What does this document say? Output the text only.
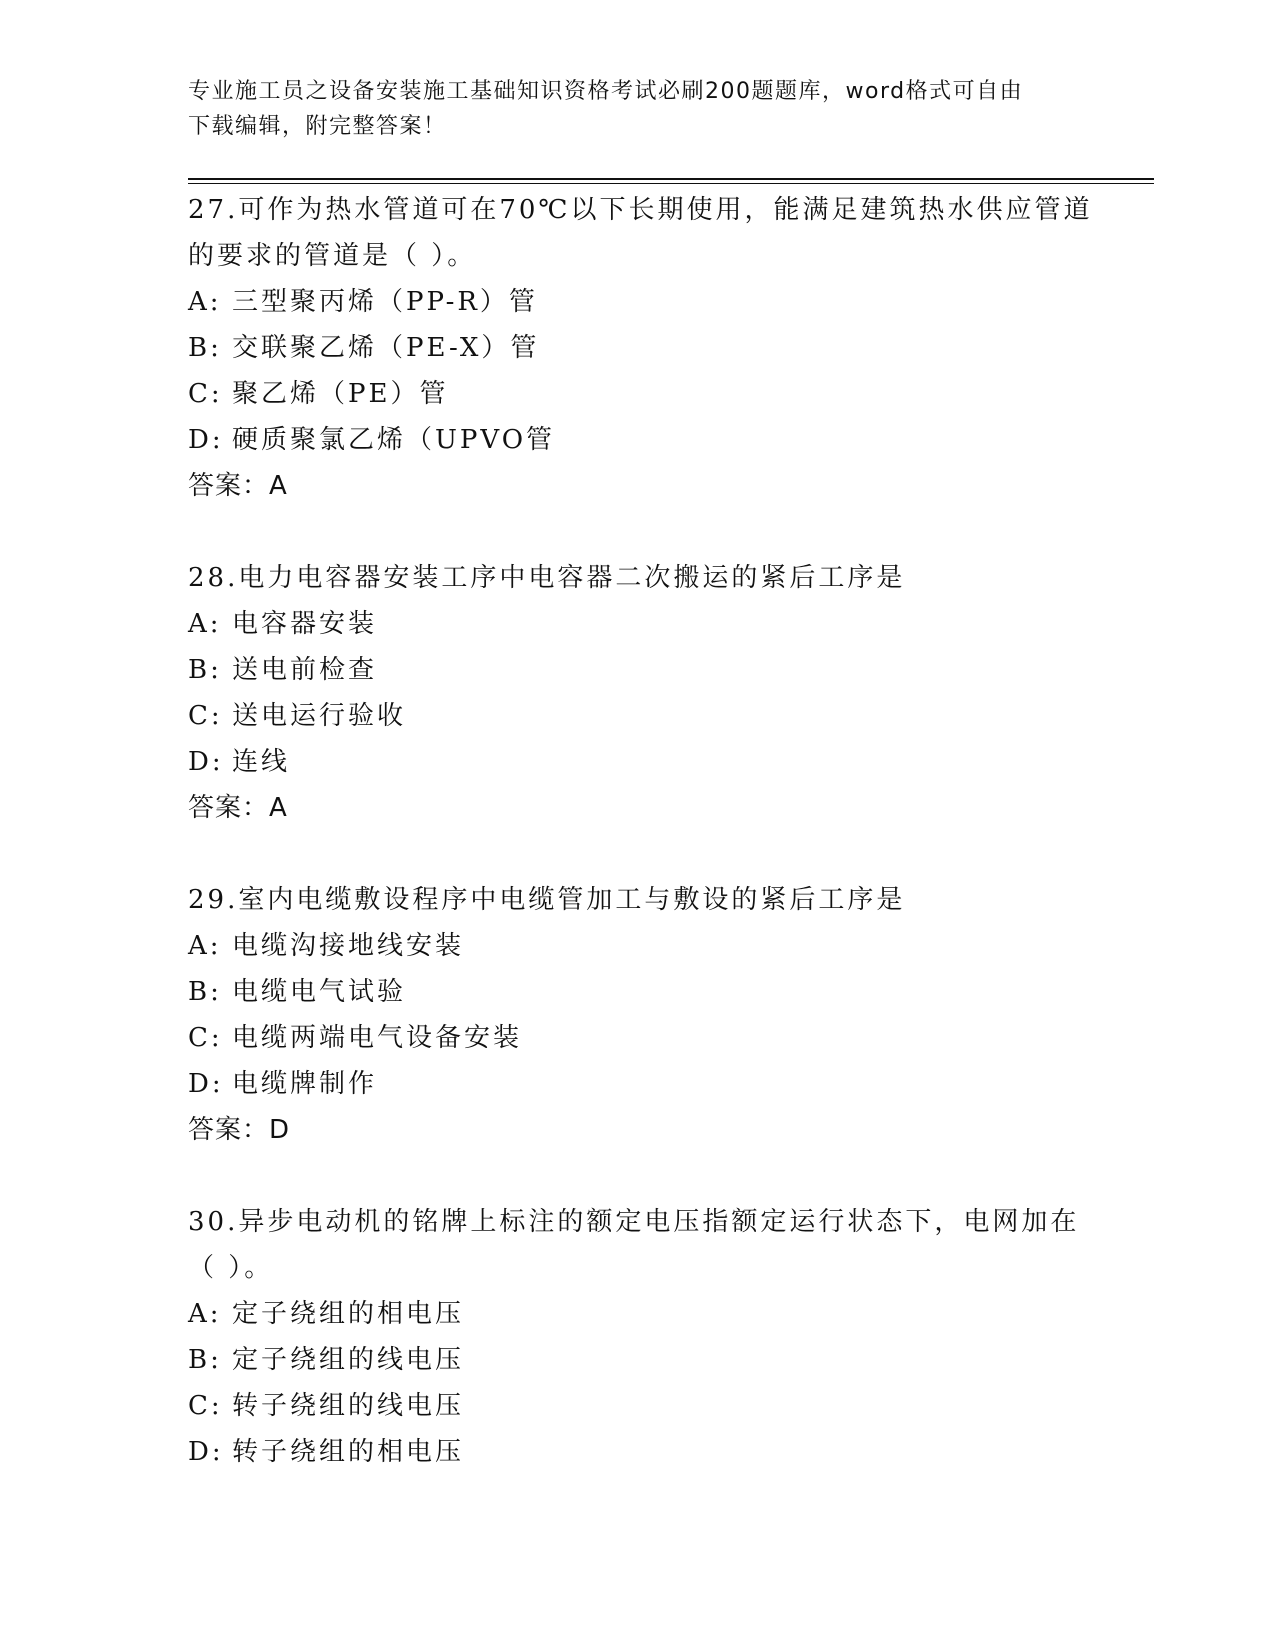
专业施工员之设备安装施工基础知识资格考试必刷200题题库，word格式可自由
下载编辑，附完整答案！
27.可作为热水管道可在70℃以下长期使用，能满足建筑热水供应管道
的要求的管道是（ ）。
A: 三型聚丙烯（PP-R）管
B: 交联聚乙烯（PE-X）管
C: 聚乙烯（PE）管
D: 硬质聚氯乙烯（UPVO管
答案：A
28.电力电容器安装工序中电容器二次搬运的紧后工序是
A: 电容器安装
B: 送电前检查
C: 送电运行验收
D: 连线
答案：A
29.室内电缆敷设程序中电缆管加工与敷设的紧后工序是
A: 电缆沟接地线安装
B: 电缆电气试验
C: 电缆两端电气设备安装
D: 电缆牌制作
答案：D
30.异步电动机的铭牌上标注的额定电压指额定运行状态下，电网加在
（ ）。
A: 定子绕组的相电压
B: 定子绕组的线电压
C: 转子绕组的线电压
D: 转子绕组的相电压
